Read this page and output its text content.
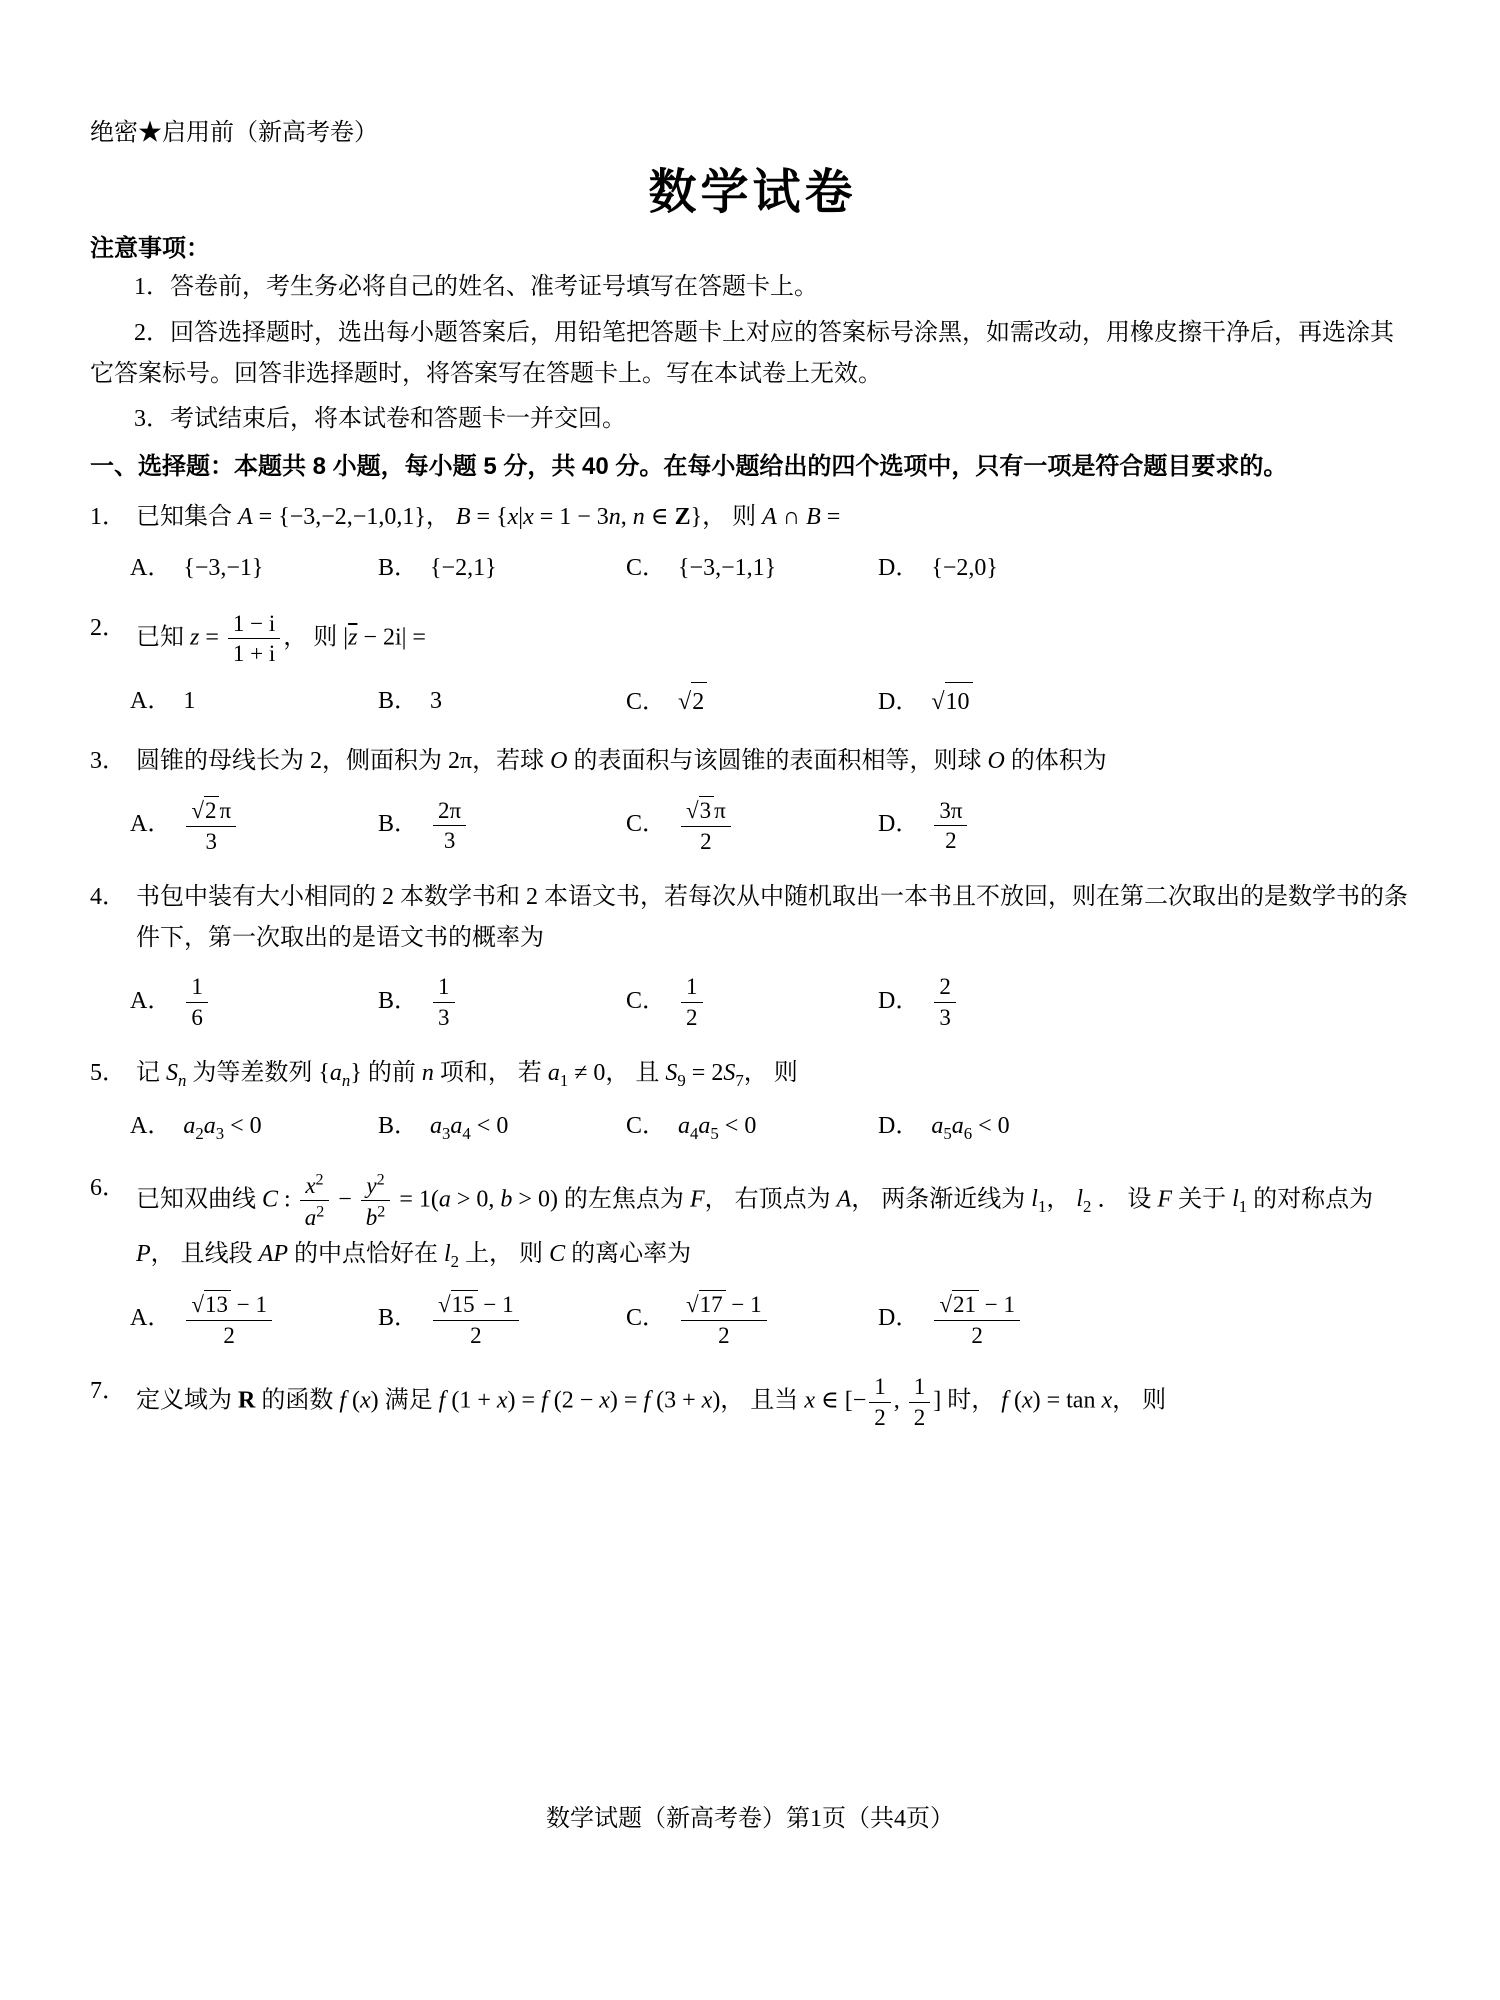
绝密★启用前（新高考卷）

数学试卷

注意事项：

1．答卷前，考生务必将自己的姓名、准考证号填写在答题卡上。

2．回答选择题时，选出每小题答案后，用铅笔把答题卡上对应的答案标号涂黑，如需改动，用橡皮擦干净后，再选涂其它答案标号。回答非选择题时，将答案写在答题卡上。写在本试卷上无效。

3．考试结束后，将本试卷和答题卡一并交回。

一、选择题：本题共 8 小题，每小题 5 分，共 40 分。在每小题给出的四个选项中，只有一项是符合题目要求的。

1． 已知集合 A = {−3,−2,−1,0,1}， B = {x|x = 1 − 3n, n ∈ Z}， 则 A ∩ B =
A． {−3,−1}	B． {−2,1}	C． {−3,−1,1}	D． {−2,0}
2． 已知 $z = \frac{1 - i}{1 + i}$ ， 则 $|\overline{z} - 2i|$ =
A． 1	B． 3	C． √2	D． √10
3． 圆锥的母线长为 2，侧面积为 2π，若球 O 的表面积与该圆锥的表面积相等，则球 O 的体积为
A． $\frac{√2 \pi}{3}$	B． $\frac{2\pi}{3}$	C． $\frac{√3 \pi}{2}$	D． $\frac{3\pi}{2}$
4． 书包中装有大小相同的 2 本数学书和 2 本语文书，若每次从中随机取出一本书且不放回，则在第二次取出的是数学书的条件下，第一次取出的是语文书的概率为
A． $\frac{1}{6}$	B． $\frac{1}{3}$	C． $\frac{1}{2}$	D． $\frac{2}{3}$
5． 记 $S_n$ 为等差数列 $\{a_n\}$ 的前 n 项和， 若 $a_1 \ne 0$， 且 $S_9 = 2S_7$， 则
A． $a_2a_3 < 0$	B． $a_3a_4 < 0$	C． $a_4a_5 < 0$	D． $a_5a_6 < 0$
6． 已知双曲线 C : $\frac{x^2}{a^2} - \frac{y^2}{b^2} = 1(a > 0$, b > 0) 的左焦点为 F， 右顶点为 A， 两条渐近线为 $l_1$， $l_2$ ． 设 F 关于 $l_1$ 的对称点为 P， 且线段 AP 的中点恰好在 $l_2$ 上， 则 C 的离心率为
A． $\frac{√13 - 1}{2}$	B． $\frac{√15 - 1}{2}$	C． $\frac{√17 - 1}{2}$	D． $\frac{√21 - 1}{2}$
7． 定义域为 R 的函数 f (x) 满足 f (1 + x) = f (2 − x) = f (3 + x)， 且当 x ∈ [− $\frac{1}{2}$ , $\frac{1}{2}$ ] 时， f (x) = tan x， 则
数学试题（新高考卷）第1页（共4页）
